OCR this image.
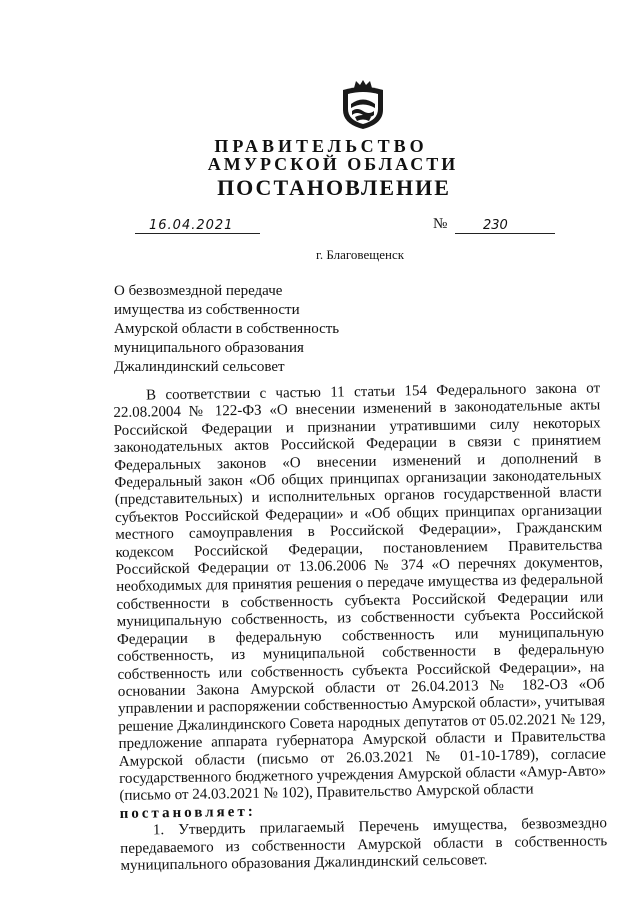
ПРАВИТЕЛЬСТВО
АМУРСКОЙ ОБЛАСТИ
ПОСТАНОВЛЕНИЕ
16.04.2021	№	230
г. Благовещенск
О безвозмездной передаче
имущества из собственности
Амурской области в собственность
муниципального образования
Джалиндинский сельсовет

В соответствии с частью 11 статьи 154 Федерального закона от 22.08.2004 № 122-ФЗ «О внесении изменений в законодательные акты Российской Федерации и признании утратившими силу некоторых законодательных актов Российской Федерации в связи с принятием Федеральных законов «О внесении изменений и дополнений в Федеральный закон «Об общих принципах организации законодательных (представительных) и исполнительных органов государственной власти субъектов Российской Федерации» и «Об общих принципах организации местного самоуправления в Российской Федерации», Гражданским кодексом Российской Федерации, постановлением Правительства Российской Федерации от 13.06.2006 № 374 «О перечнях документов, необходимых для принятия решения о передаче имущества из федеральной собственности в собственность субъекта Российской Федерации или муниципальную собственность, из собственности субъекта Российской Федерации в федеральную собственность или муниципальную собственность, из муниципальной собственности в федеральную собственность или собственность субъекта Российской Федерации», на основании Закона Амурской области от 26.04.2013 № 182-ОЗ «Об управлении и распоряжении собственностью Амурской области», учитывая решение Джалиндинского Совета народных депутатов от 05.02.2021 № 129, предложение аппарата губернатора Амурской области и Правительства Амурской области (письмо от 26.03.2021 № 01-10-1789), согласие государственного бюджетного учреждения Амурской области «Амур-Авто» (письмо от 24.03.2021 № 102), Правительство Амурской области

постановляет:

1. Утвердить прилагаемый Перечень имущества, безвозмездно передаваемого из собственности Амурской области в собственность муниципального образования Джалиндинский сельсовет.
